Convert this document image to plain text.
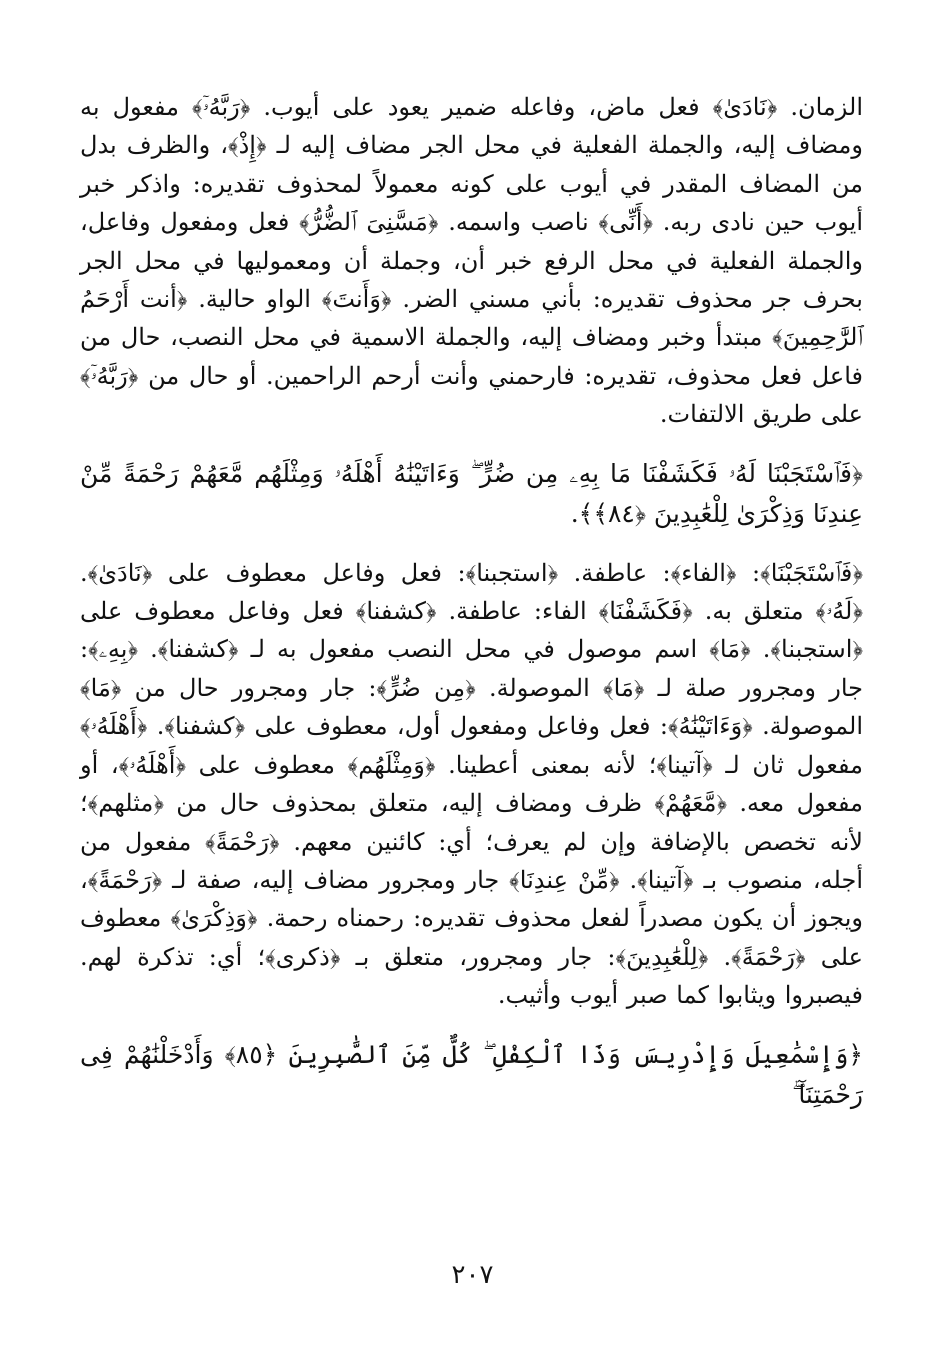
الزمان. ﴿نَادَىٰ﴾ فعل ماض، وفاعله ضمير يعود على أيوب. ﴿رَبَّهُۥٓ﴾ مفعول به ومضاف إليه، والجملة الفعلية في محل الجر مضاف إليه لـ ﴿إِذْ﴾، والظرف بدل من المضاف المقدر في أيوب على كونه معمولاً لمحذوف تقديره: واذكر خبر أيوب حين نادى ربه. ﴿أَنِّى﴾ ناصب واسمه. ﴿مَسَّنِىَ ٱلضُّرُّ﴾ فعل ومفعول وفاعل، والجملة الفعلية في محل الرفع خبر أن، وجملة أن ومعموليها في محل الجر بحرف جر محذوف تقديره: بأني مسني الضر. ﴿وَأَنتَ﴾ الواو حالية. ﴿أنت أَرْحَمُ ٱلرَّٰحِمِينَ﴾ مبتدأ وخبر ومضاف إليه، والجملة الاسمية في محل النصب، حال من فاعل فعل محذوف، تقديره: فارحمني وأنت أرحم الراحمين. أو حال من ﴿رَبَّهُۥٓ﴾ على طريق الالتفات.

﴿فَٱسْتَجَبْنَا لَهُۥ فَكَشَفْنَا مَا بِهِۦ مِن ضُرٍّ ۖ وَءَاتَيْنَٰهُ أَهْلَهُۥ وَمِثْلَهُم مَّعَهُمْ رَحْمَةً مِّنْ عِندِنَا وَذِكْرَىٰ لِلْعَٰبِدِينَ ﴿٨٤﴾﴾.

﴿فَٱسْتَجَبْنَا﴾: ﴿الفاء﴾: عاطفة. ﴿استجبنا﴾: فعل وفاعل معطوف على ﴿نَادَىٰ﴾. ﴿لَهُۥ﴾ متعلق به. ﴿فَكَشَفْنَا﴾ الفاء: عاطفة. ﴿كشفنا﴾ فعل وفاعل معطوف على ﴿استجبنا﴾. ﴿مَا﴾ اسم موصول في محل النصب مفعول به لـ ﴿كشفنا﴾. ﴿بِهِۦ﴾: جار ومجرور صلة لـ ﴿مَا﴾ الموصولة. ﴿مِن ضُرٍّ﴾: جار ومجرور حال من ﴿مَا﴾ الموصولة. ﴿وَءَاتَيْنَٰهُ﴾: فعل وفاعل ومفعول أول، معطوف على ﴿كشفنا﴾. ﴿أَهْلَهُۥ﴾ مفعول ثان لـ ﴿آتينا﴾؛ لأنه بمعنى أعطينا. ﴿وَمِثْلَهُم﴾ معطوف على ﴿أَهْلَهُۥ﴾، أو مفعول معه. ﴿مَّعَهُمْ﴾ ظرف ومضاف إليه، متعلق بمحذوف حال من ﴿مثلهم﴾؛ لأنه تخصص بالإضافة وإن لم يعرف؛ أي: كائنين معهم. ﴿رَحْمَةً﴾ مفعول من أجله، منصوب بـ ﴿آتينا﴾. ﴿مِّنْ عِندِنَا﴾ جار ومجرور مضاف إليه، صفة لـ ﴿رَحْمَةً﴾، ويجوز أن يكون مصدراً لفعل محذوف تقديره: رحمناه رحمة. ﴿وَذِكْرَىٰ﴾ معطوف على ﴿رَحْمَةً﴾. ﴿لِلْعَٰبِدِينَ﴾: جار ومجرور، متعلق بـ ﴿ذكرى﴾؛ أي: تذكرة لهم. فيصبروا ويثابوا كما صبر أيوب وأثيب.

﴿وَإِسْمَٰعِيلَ وَإِدْرِيسَ وَذَا ٱلْكِفْلِ ۖ كُلٌّ مِّنَ ٱلصَّٰبِرِينَ ﴿٨٥﴾ وَأَدْخَلْنَٰهُمْ فِى رَحْمَتِنَآ ۖ

٢٠٧
